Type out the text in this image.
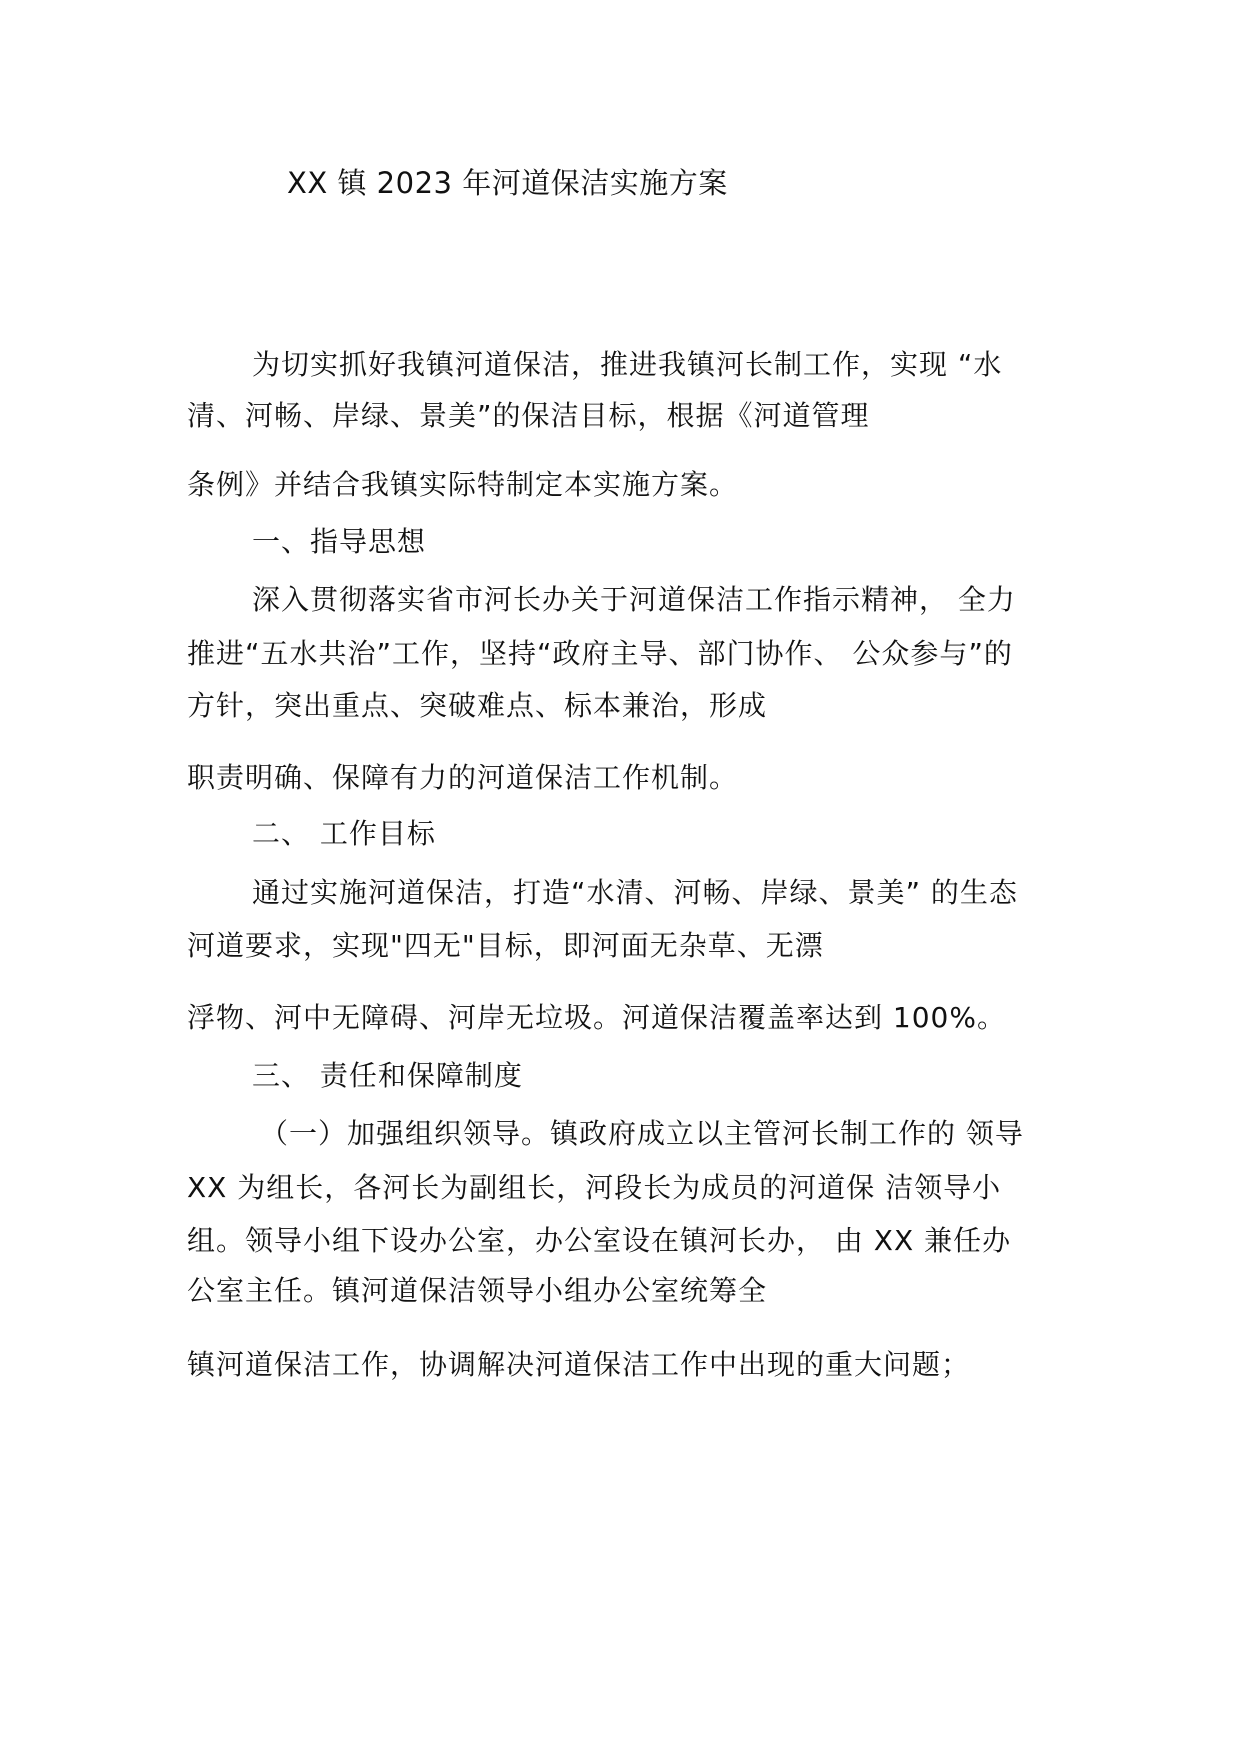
XX 镇 2023 年河道保洁实施方案
为切实抓好我镇河道保洁，推进我镇河长制工作，实现 “水
清、河畅、岸绿、景美”的保洁目标，根据《河道管理
条例》并结合我镇实际特制定本实施方案。
一、指导思想
深入贯彻落实省市河长办关于河道保洁工作指示精神， 全力
推进“五水共治”工作，坚持“政府主导、部门协作、 公众参与”的
方针，突出重点、突破难点、标本兼治，形成
职责明确、保障有力的河道保洁工作机制。
二、 工作目标
通过实施河道保洁，打造“水清、河畅、岸绿、景美” 的生态
河道要求，实现"四无"目标，即河面无杂草、无漂
浮物、河中无障碍、河岸无垃圾。河道保洁覆盖率达到 100%。
三、 责任和保障制度
（一）加强组织领导。镇政府成立以主管河长制工作的 领导
XX 为组长，各河长为副组长，河段长为成员的河道保 洁领导小
组。领导小组下设办公室，办公室设在镇河长办， 由 XX 兼任办
公室主任。镇河道保洁领导小组办公室统筹全
镇河道保洁工作，协调解决河道保洁工作中出现的重大问题；
